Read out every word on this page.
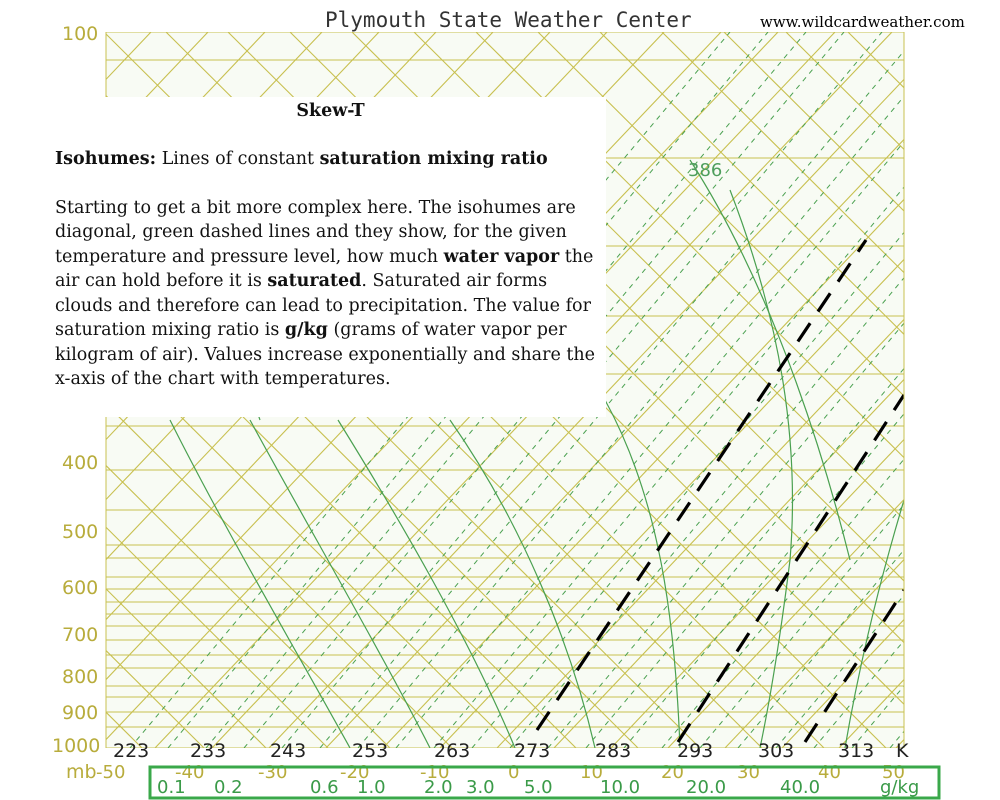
Plymouth State Weather Center	www.wildcardweather.com
100
400
500
600
700
800
900
1000
mb
223 233 243 253 263 273 283 293 303 313 K
-50	-40	-30	-20	-10	0	10	20	30	40 50
0.1 0.2	0.6 1.0 2.0 3.0 5.0	10.0	20.0	40.0	g/kg
386
Skew-T

Isohumes: Lines of constant saturation mixing ratio

Starting to get a bit more complex here. The isohumes are diagonal, green dashed lines and they show, for the given temperature and pressure level, how much water vapor the air can hold before it is saturated. Saturated air forms clouds and therefore can lead to precipitation. The value for saturation mixing ratio is g/kg (grams of water vapor per kilogram of air). Values increase exponentially and share the x-axis of the chart with temperatures.
